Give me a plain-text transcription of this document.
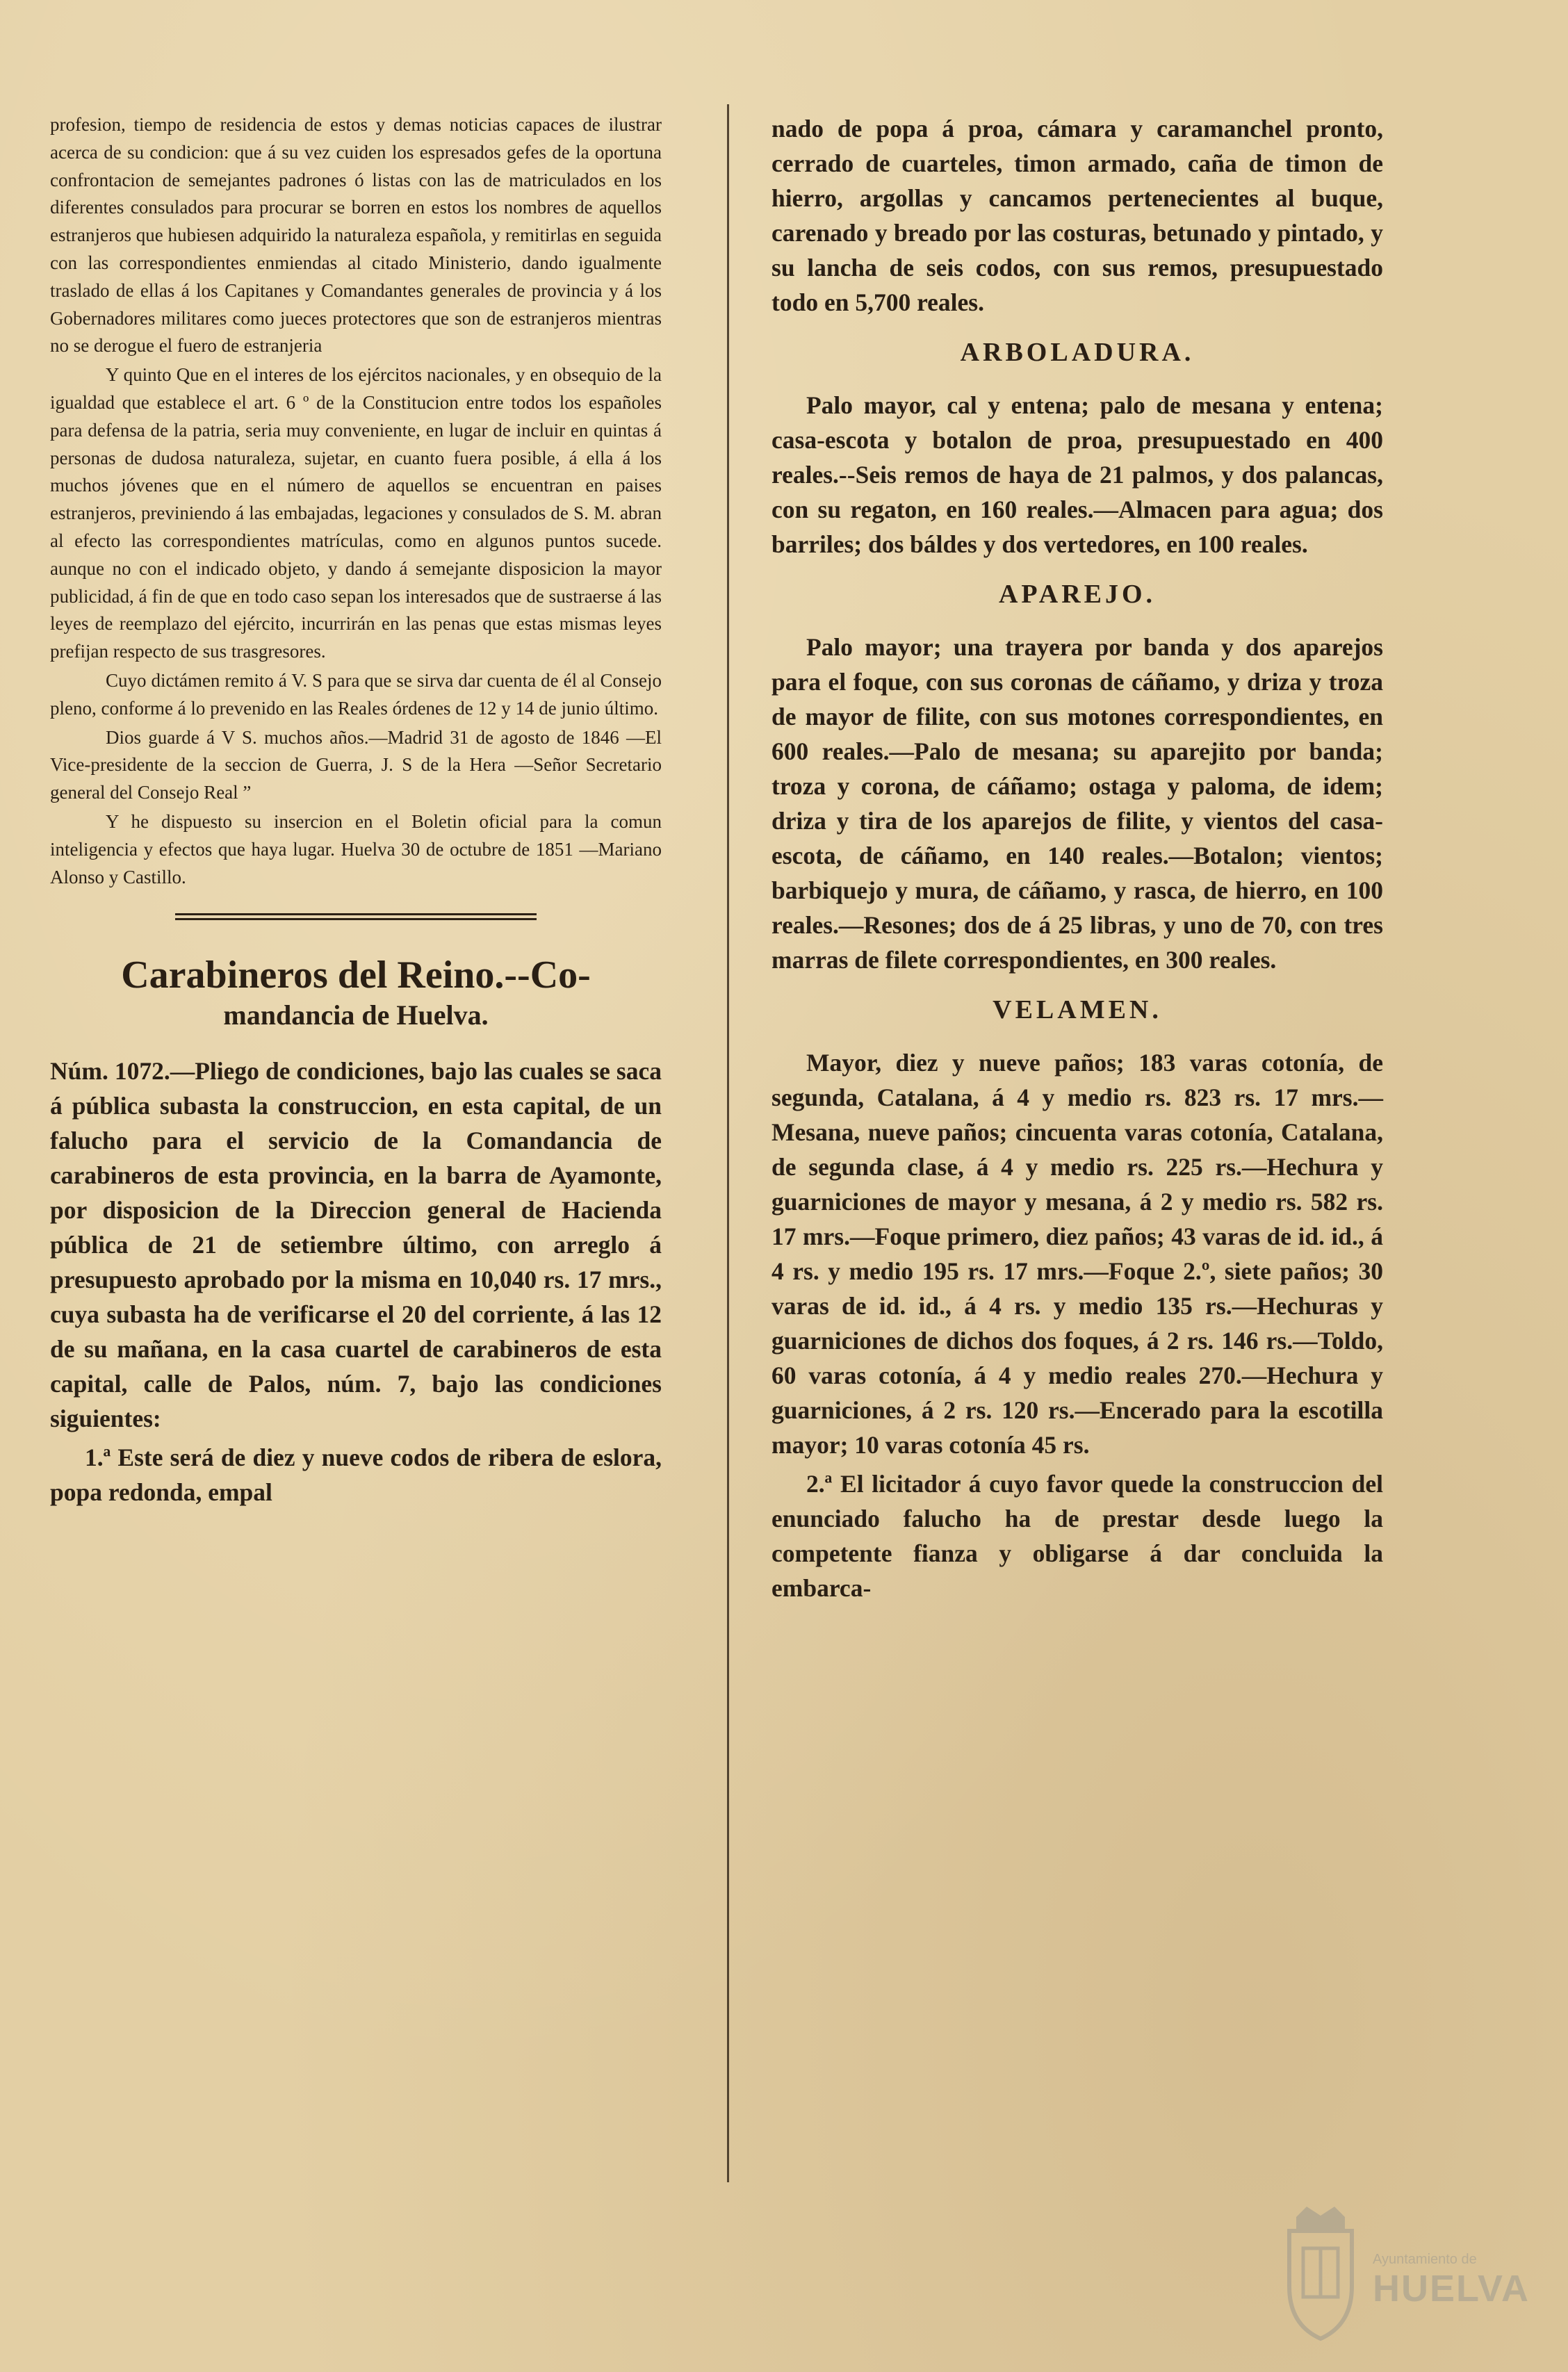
profesion, tiempo de residencia de estos y demas noticias capaces de ilustrar acerca de su condicion: que á su vez cuiden los espresados gefes de la oportuna confrontacion de semejantes padrones ó listas con las de matriculados en los diferentes consulados para procurar se borren en estos los nombres de aquellos estranjeros que hubiesen adquirido la naturaleza española, y remitirlas en seguida con las correspondientes enmiendas al citado Ministerio, dando igualmente traslado de ellas á los Capitanes y Comandantes generales de provincia y á los Gobernadores militares como jueces protectores que son de estranjeros mientras no se derogue el fuero de estranjeria

Y quinto Que en el interes de los ejércitos nacionales, y en obsequio de la igualdad que establece el art. 6 º de la Constitucion entre todos los españoles para defensa de la patria, seria muy conveniente, en lugar de incluir en quintas á personas de dudosa naturaleza, sujetar, en cuanto fuera posible, á ella á los muchos jóvenes que en el número de aquellos se encuentran en paises estranjeros, previniendo á las embajadas, legaciones y consulados de S. M. abran al efecto las correspondientes matrículas, como en algunos puntos sucede. aunque no con el indicado objeto, y dando á semejante disposicion la mayor publicidad, á fin de que en todo caso sepan los interesados que de sustraerse á las leyes de reemplazo del ejército, incurrirán en las penas que estas mismas leyes prefijan respecto de sus trasgresores.

Cuyo dictámen remito á V. S para que se sirva dar cuenta de él al Consejo pleno, conforme á lo prevenido en las Reales órdenes de 12 y 14 de junio último.

Dios guarde á V S. muchos años.—Madrid 31 de agosto de 1846 —El Vice-presidente de la seccion de Guerra, J. S de la Hera —Señor Secretario general del Consejo Real ”

Y he dispuesto su insercion en el Boletin oficial para la comun inteligencia y efectos que haya lugar. Huelva 30 de octubre de 1851 —Mariano Alonso y Castillo.

Carabineros del Reino.--Co-
mandancia de Huelva.

Núm. 1072.—Pliego de condiciones, bajo las cuales se saca á pública subasta la construccion, en esta capital, de un falucho para el servicio de la Comandancia de carabineros de esta provincia, en la barra de Ayamonte, por disposicion de la Direccion general de Hacienda pública de 21 de setiembre último, con arreglo á presupuesto aprobado por la misma en 10,040 rs. 17 mrs., cuya subasta ha de verificarse el 20 del corriente, á las 12 de su mañana, en la casa cuartel de carabineros de esta capital, calle de Palos, núm. 7, bajo las condiciones siguientes:

1.ª Este será de diez y nueve codos de ribera de eslora, popa redonda, empal

nado de popa á proa, cámara y caramanchel pronto, cerrado de cuarteles, timon armado, caña de timon de hierro, argollas y cancamos pertenecientes al buque, carenado y breado por las costuras, betunado y pintado, y su lancha de seis codos, con sus remos, presupuestado todo en 5,700 reales.

ARBOLADURA.

Palo mayor, cal y entena; palo de mesana y entena; casa-escota y botalon de proa, presupuestado en 400 reales.--Seis remos de haya de 21 palmos, y dos palancas, con su regaton, en 160 reales.—Almacen para agua; dos barriles; dos báldes y dos vertedores, en 100 reales.

APAREJO.

Palo mayor; una trayera por banda y dos aparejos para el foque, con sus coronas de cáñamo, y driza y troza de mayor de filite, con sus motones correspondientes, en 600 reales.—Palo de mesana; su aparejito por banda; troza y corona, de cáñamo; ostaga y paloma, de idem; driza y tira de los aparejos de filite, y vientos del casa-escota, de cáñamo, en 140 reales.—Botalon; vientos; barbiquejo y mura, de cáñamo, y rasca, de hierro, en 100 reales.—Resones; dos de á 25 libras, y uno de 70, con tres marras de filete correspondientes, en 300 reales.

VELAMEN.

Mayor, diez y nueve paños; 183 varas cotonía, de segunda, Catalana, á 4 y medio rs. 823 rs. 17 mrs.—Mesana, nueve paños; cincuenta varas cotonía, Catalana, de segunda clase, á 4 y medio rs. 225 rs.—Hechura y guarniciones de mayor y mesana, á 2 y medio rs. 582 rs. 17 mrs.—Foque primero, diez paños; 43 varas de id. id., á 4 rs. y medio 195 rs. 17 mrs.—Foque 2.º, siete paños; 30 varas de id. id., á 4 rs. y medio 135 rs.—Hechuras y guarniciones de dichos dos foques, á 2 rs. 146 rs.—Toldo, 60 varas cotonía, á 4 y medio reales 270.—Hechura y guarniciones, á 2 rs. 120 rs.—Encerado para la escotilla mayor; 10 varas cotonía 45 rs.

2.ª El licitador á cuyo favor quede la construccion del enunciado falucho ha de prestar desde luego la competente fianza y obligarse á dar concluida la embarca-

Ayuntamiento de
HUELVA
